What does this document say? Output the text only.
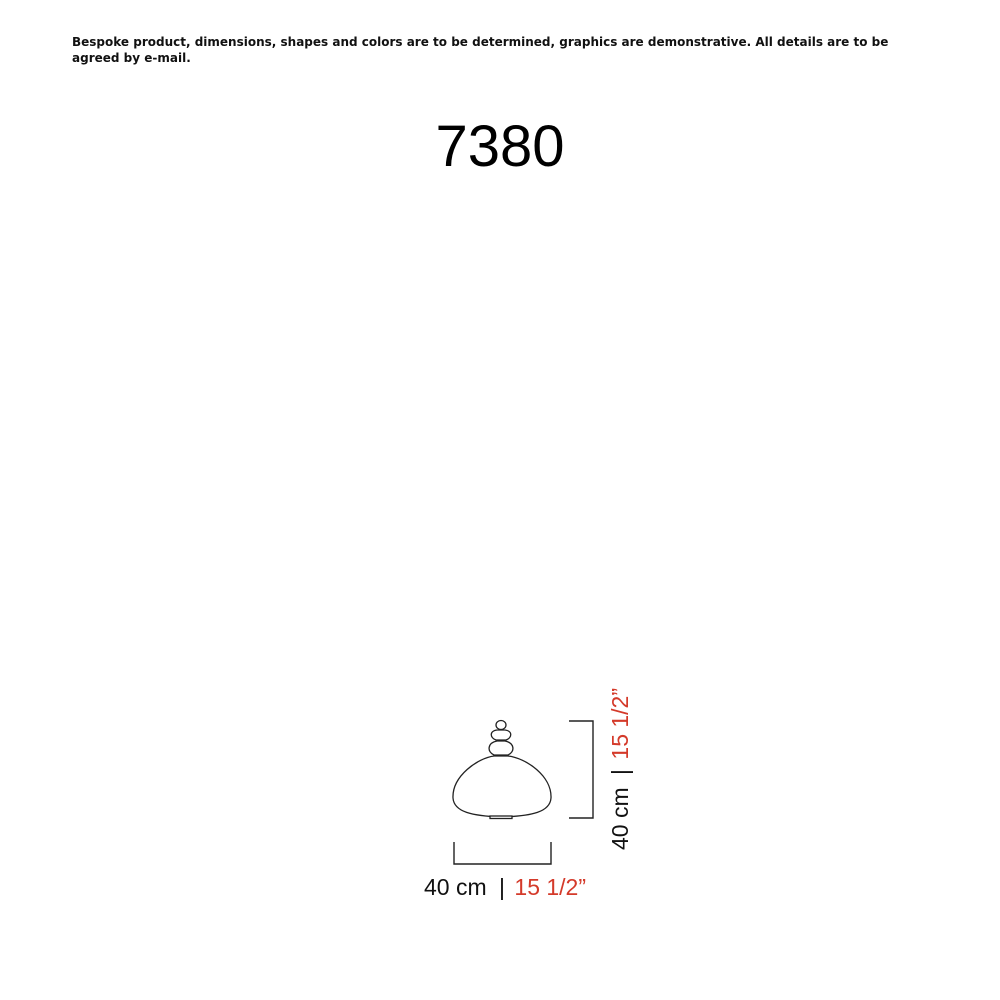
Bespoke product, dimensions, shapes and colors are to be determined, graphics are demonstrative. All details are to be agreed by e-mail.
7380
40 cm | 15 1/2”
40 cm | 15 1/2”
